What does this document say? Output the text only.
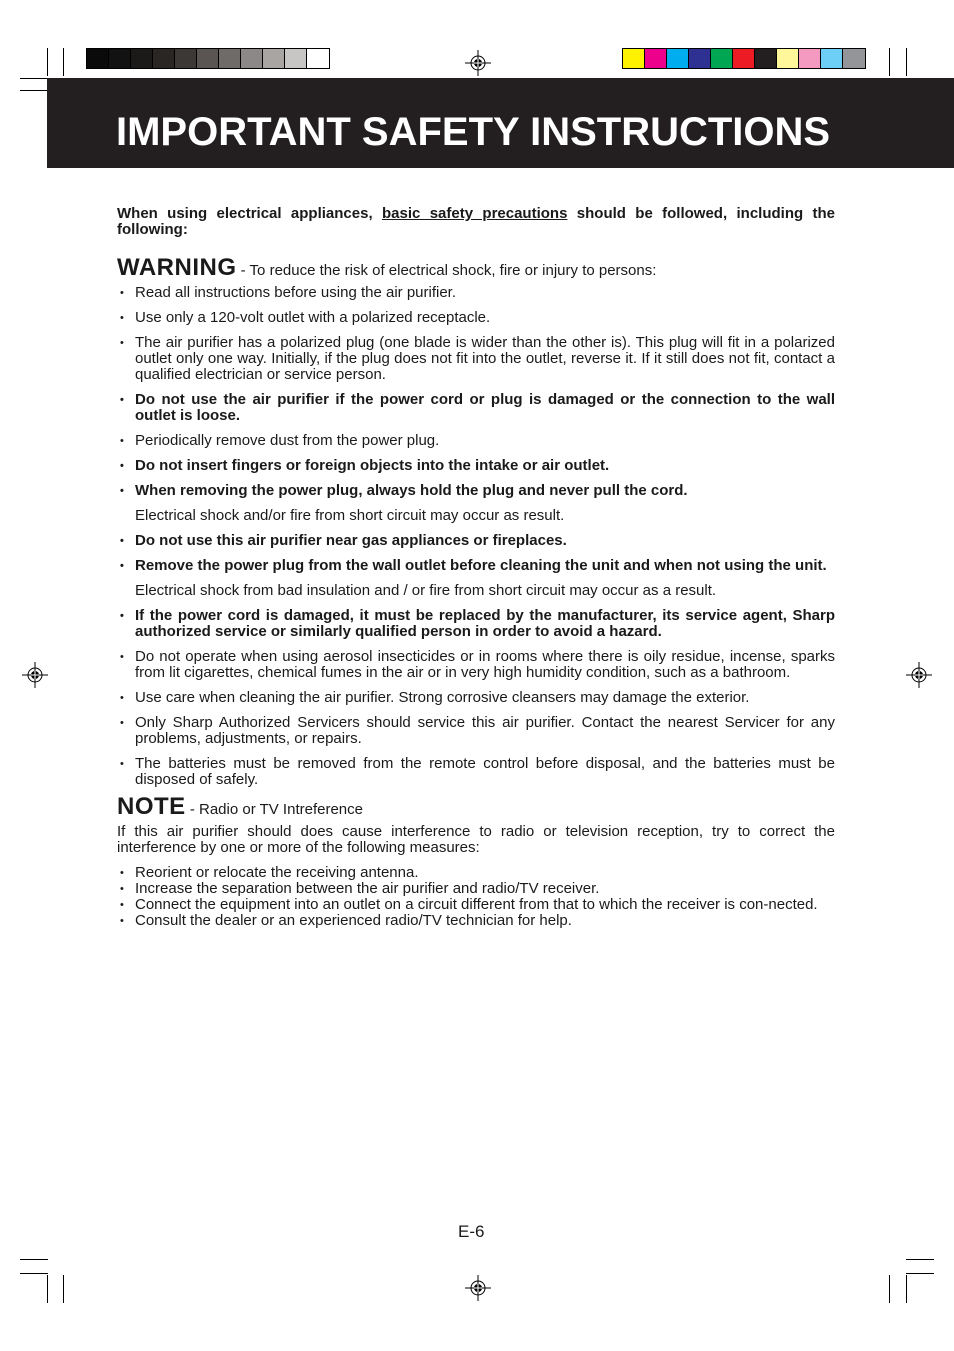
IMPORTANT SAFETY INSTRUCTIONS

When using electrical appliances, basic safety precautions should be followed, including the following:

WARNING - To reduce the risk of electrical shock, fire or injury to persons:
• Read all instructions before using the air purifier.
• Use only a 120-volt outlet with a polarized receptacle.
• The air purifier has a polarized plug (one blade is wider than the other is). This plug will fit in a polarized outlet only one way. Initially, if the plug does not fit into the outlet, reverse it. If it still does not fit, contact a qualified electrician or service person.
• Do not use the air purifier if the power cord or plug is damaged or the connection to the wall outlet is loose.
• Periodically remove dust from the power plug.
• Do not insert fingers or foreign objects into the intake or air outlet.
• When removing the power plug, always hold the plug and never pull the cord.

Electrical shock and/or fire from short circuit may occur as result.

• Do not use this air purifier near gas appliances or fireplaces.
• Remove the power plug from the wall outlet before cleaning the unit and when not using the unit.

Electrical shock from bad insulation and / or fire from short circuit may occur as a result.

• If the power cord is damaged, it must be replaced by the manufacturer, its service agent, Sharp authorized service or similarly qualified person in order to avoid a hazard.
• Do not operate when using aerosol insecticides or in rooms where there is oily residue, incense, sparks from lit cigarettes, chemical fumes in the air or in very high humidity condition, such as a bathroom.
• Use care when cleaning the air purifier. Strong corrosive cleansers may damage the exterior.
• Only Sharp Authorized Servicers should service this air purifier. Contact the nearest Servicer for any problems, adjustments, or repairs.
• The batteries must be removed from the remote control before disposal, and the batteries must be disposed of safely.
NOTE - Radio or TV Intreference

If this air purifier should does cause interference to radio or television reception, try to correct the interference by one or more of the following measures:

• Reorient or relocate the receiving antenna.
• Increase the separation between the air purifier and radio/TV receiver.
• Connect the equipment into an outlet on a circuit different from that to which the receiver is con-nected.
• Consult the dealer or an experienced radio/TV technician for help.
E-6
